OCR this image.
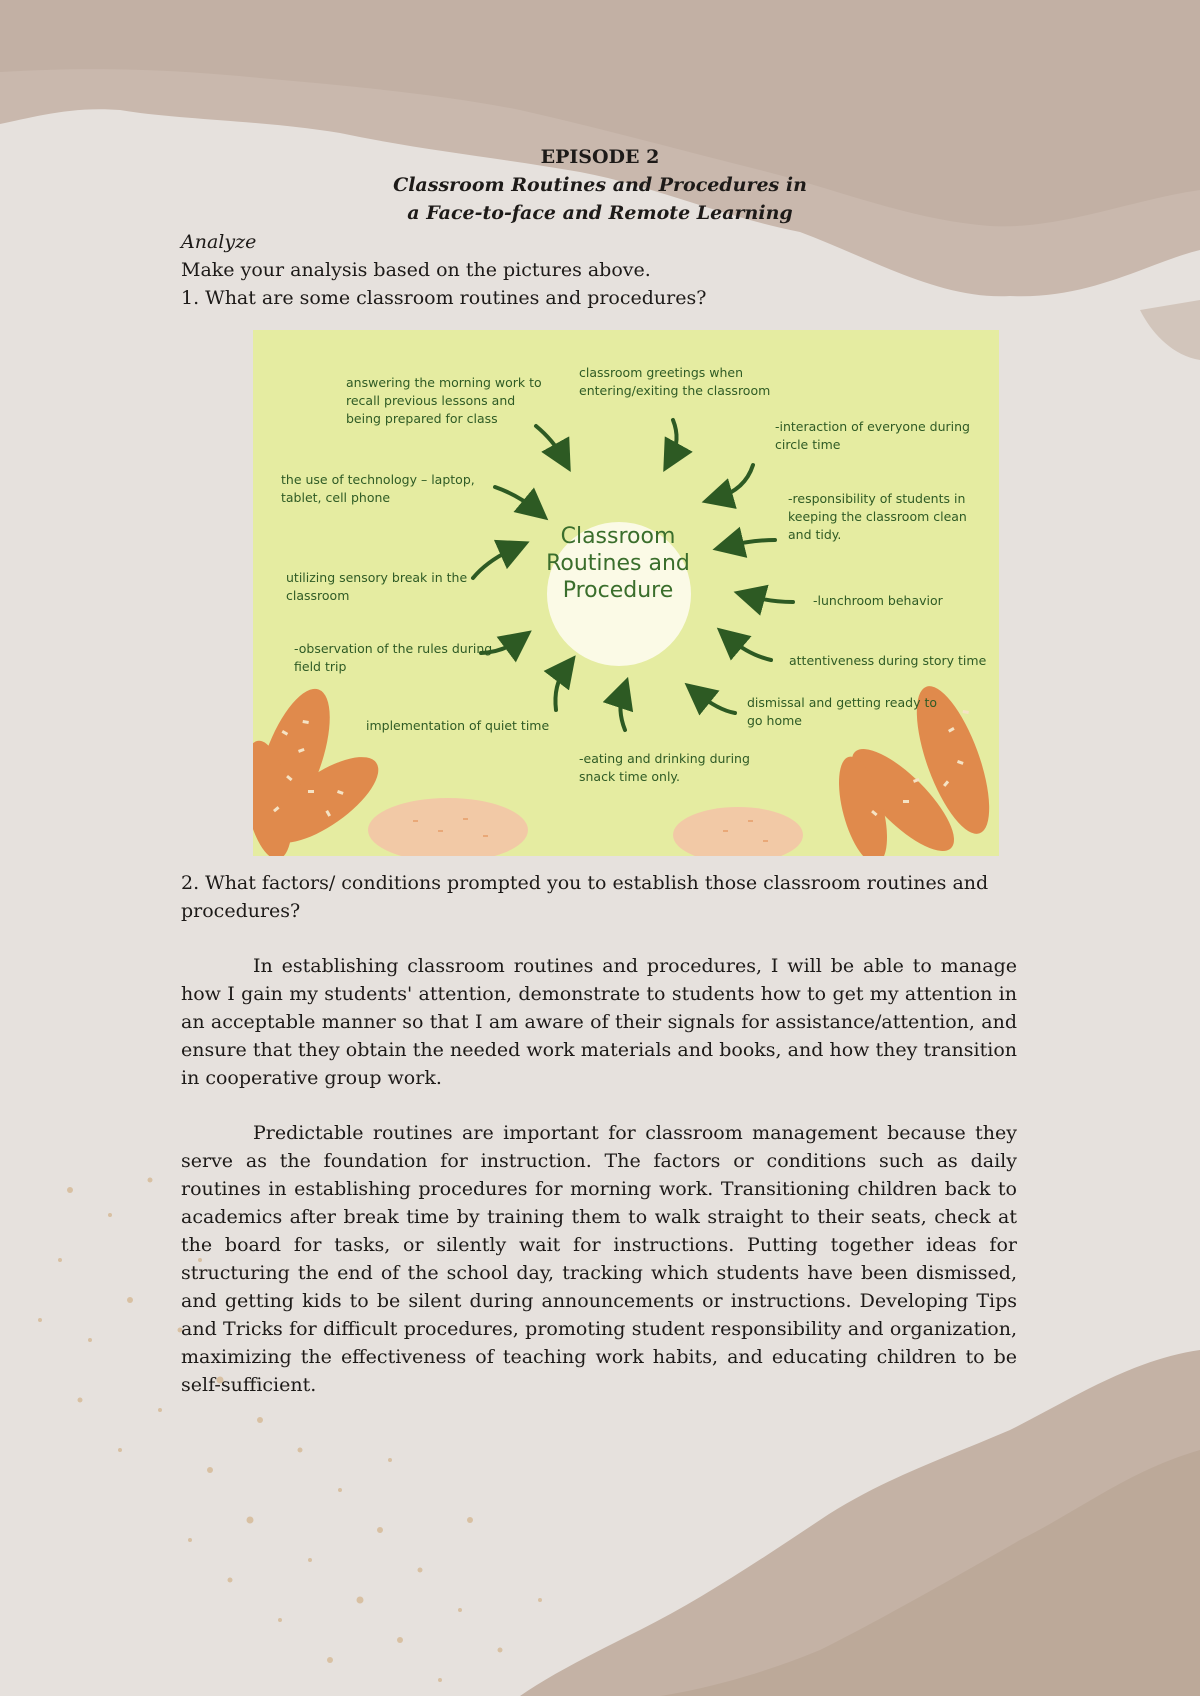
EPISODE 2
Classroom Routines and Procedures in
a Face-to-face and Remote Learning
Analyze
Make your analysis based on the pictures above.
1. What are some classroom routines and procedures?
Classroom Routines and Procedure
answering the morning work to recall previous lessons and being prepared for class
classroom greetings when entering/exiting the classroom
-interaction of everyone during circle time
the use of technology – laptop, tablet, cell phone	-responsibility of students in keeping the classroom clean and tidy.
utilizing sensory break in the classroom	-lunchroom behavior
-observation of the rules during field trip	attentiveness during story time
implementation of quiet time
dismissal and getting ready to go home
-eating and drinking during snack time only.
2. What factors/ conditions prompted you to establish those classroom routines and procedures?

In establishing classroom routines and procedures, I will be able to manage how I gain my students' attention, demonstrate to students how to get my attention in an acceptable manner so that I am aware of their signals for assistance/attention, and ensure that they obtain the needed work materials and books, and how they transition in cooperative group work.

Predictable routines are important for classroom management because they serve as the foundation for instruction. The factors or conditions such as daily routines in establishing procedures for morning work. Transitioning children back to academics after break time by training them to walk straight to their seats, check at the board for tasks, or silently wait for instructions. Putting together ideas for structuring the end of the school day, tracking which students have been dismissed, and getting kids to be silent during announcements or instructions. Developing Tips and Tricks for difficult procedures, promoting student responsibility and organization, maximizing the effectiveness of teaching work habits, and educating children to be self-sufficient.
